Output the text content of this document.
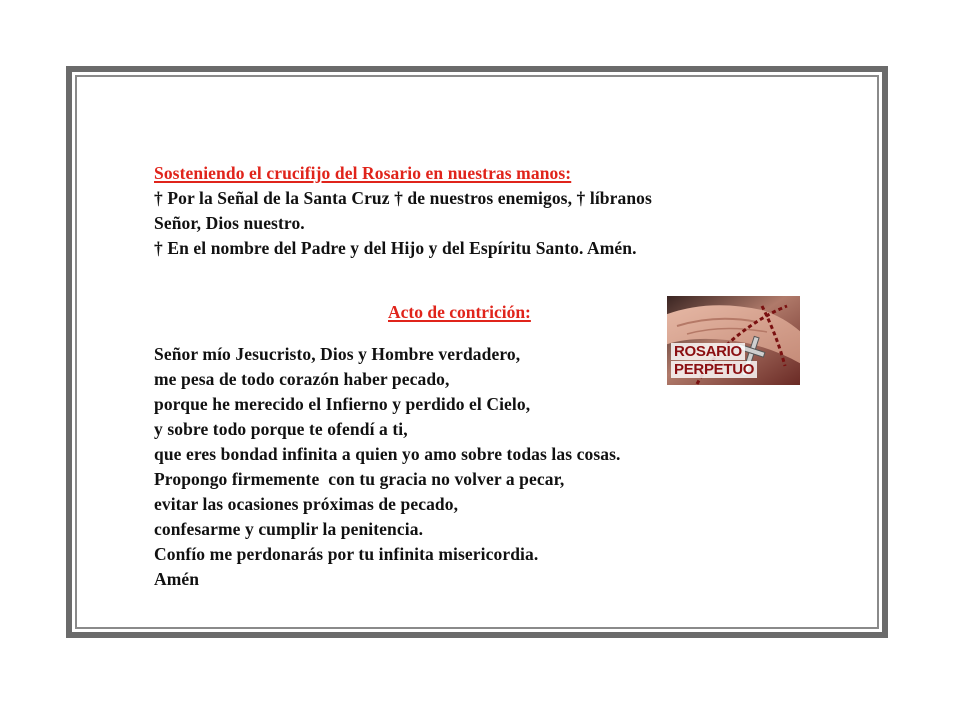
Sosteniendo el crucifijo del Rosario en nuestras manos:
† Por la Señal de la Santa Cruz † de nuestros enemigos, † líbranos
Señor, Dios nuestro.
† En el nombre del Padre y del Hijo y del Espíritu Santo. Amén.
Acto de contrición:
ROSARIO
PERPETUO
Señor mío Jesucristo, Dios y Hombre verdadero,
me pesa de todo corazón haber pecado,
porque he merecido el Infierno y perdido el Cielo,
y sobre todo porque te ofendí a ti,
que eres bondad infinita a quien yo amo sobre todas las cosas.
Propongo firmemente  con tu gracia no volver a pecar,
evitar las ocasiones próximas de pecado,
confesarme y cumplir la penitencia.
Confío me perdonarás por tu infinita misericordia.
Amén
